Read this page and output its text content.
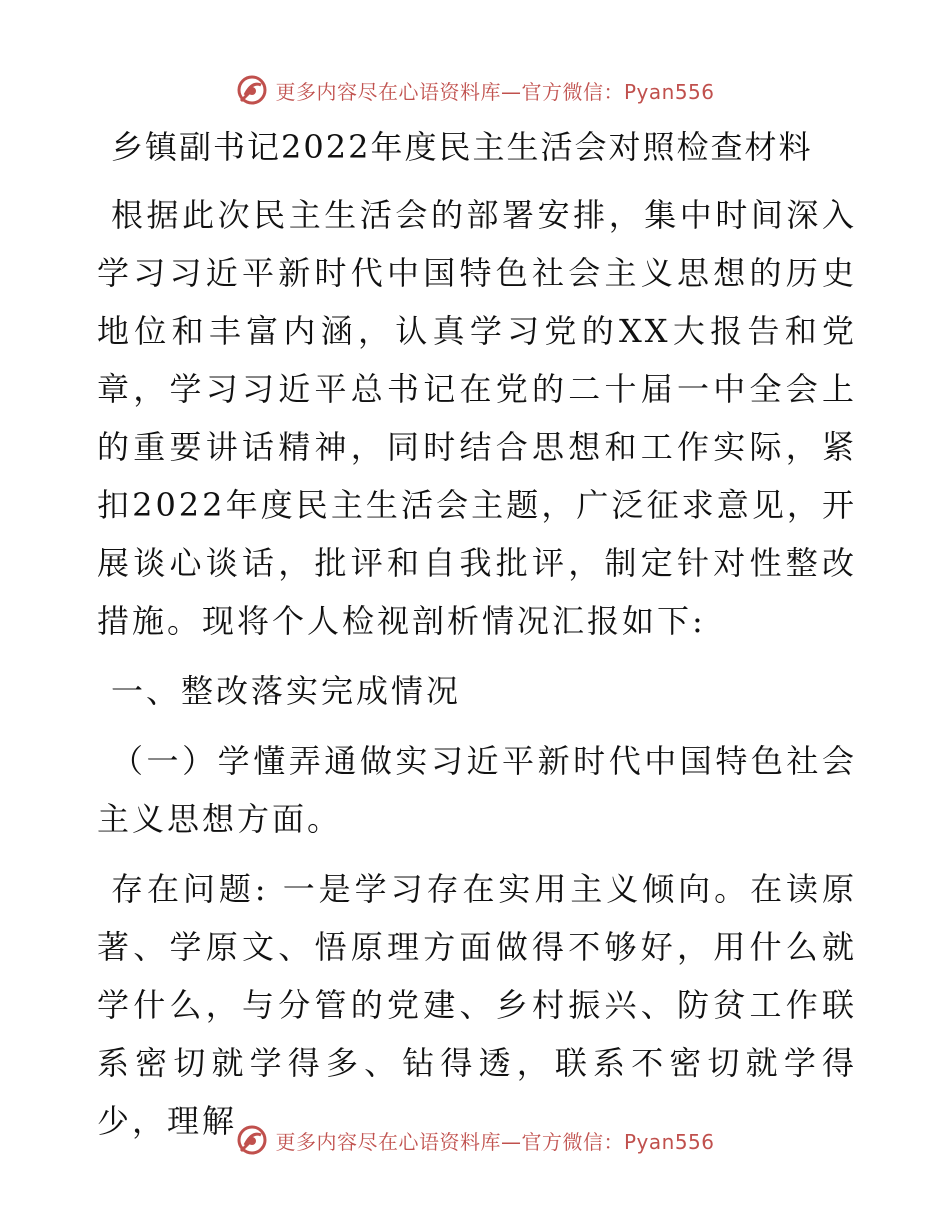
更多内容尽在心语资料库—官方微信：Pyan556
乡镇副书记2022年度民主生活会对照检查材料

根据此次民主生活会的部署安排，集中时间深入学习习近平新时代中国特色社会主义思想的历史地位和丰富内涵，认真学习党的XX大报告和党章，学习习近平总书记在党的二十届一中全会上的重要讲话精神，同时结合思想和工作实际，紧扣2022年度民主生活会主题，广泛征求意见，开展谈心谈话，批评和自我批评，制定针对性整改措施。现将个人检视剖析情况汇报如下:

一、整改落实完成情况

（一）学懂弄通做实习近平新时代中国特色社会主义思想方面。

存在问题: 一是学习存在实用主义倾向。在读原著、学原文、悟原理方面做得不够好，用什么就学什么，与分管的党建、乡村振兴、防贫工作联系密切就学得多、钻得透，联系不密切就学得少，理解

更多内容尽在心语资料库—官方微信：Pyan556
